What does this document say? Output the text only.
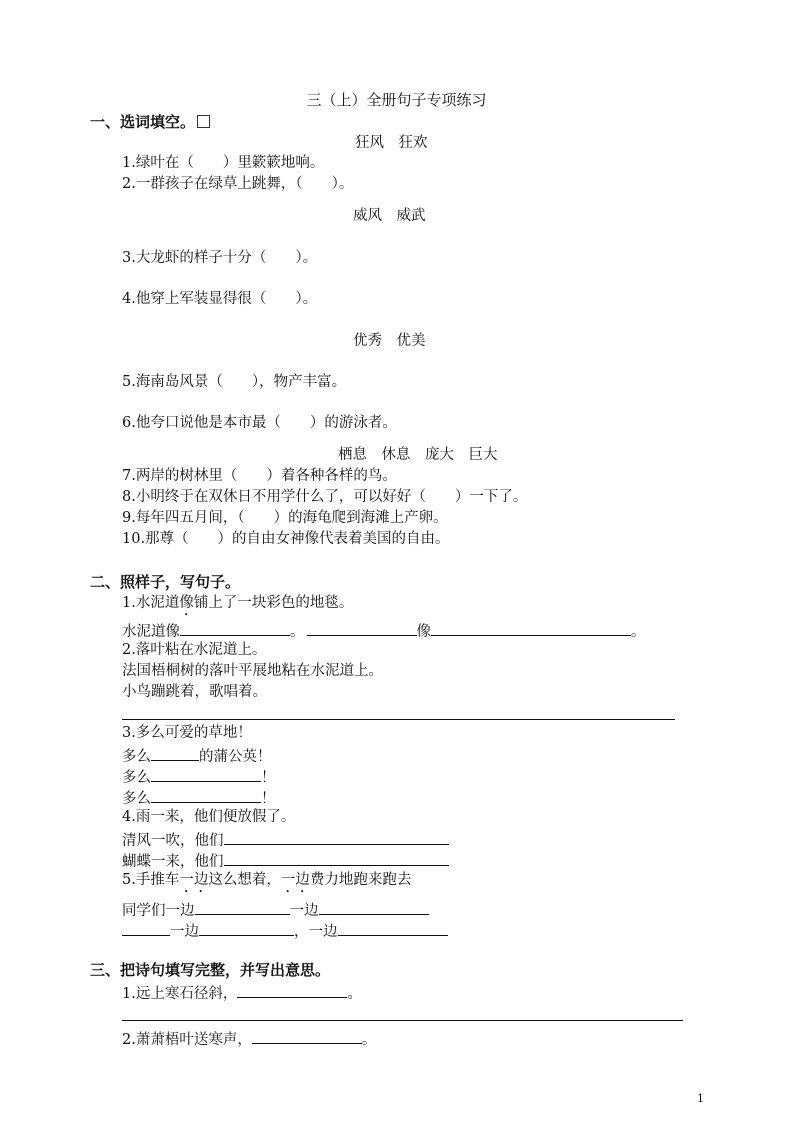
三（上）全册句子专项练习
一、选词填空。
狂风　狂欢
1.绿叶在（　　）里簌簌地响。
2.一群孩子在绿草上跳舞，（　　）。
威风　威武
3.大龙虾的样子十分（　　）。
4.他穿上军装显得很（　　）。
优秀　优美
5.海南岛风景（　　），物产丰富。
6.他夸口说他是本市最（　　）的游泳者。
栖息　休息　庞大　巨大
7.两岸的树林里（　　）着各种各样的鸟。
8.小明终于在双休日不用学什么了，可以好好（　　）一下了。
9.每年四五月间，（　　）的海龟爬到海滩上产卵。
10.那尊（　　）的自由女神像代表着美国的自由。
二、照样子，写句子。
1.水泥道像铺上了一块彩色的地毯。
水泥道像	。	像	。
2.落叶粘在水泥道上。
法国梧桐树的落叶平展地粘在水泥道上。
小鸟蹦跳着，歌唱着。
3.多么可爱的草地！
多么	的蒲公英！
多么	！
多么	！
4.雨一来，他们便放假了。
清风一吹，他们
蝴蝶一来，他们
5.手推车一边这么想着，一边费力地跑来跑去
同学们一边	一边
一边	，一边
三、把诗句填写完整，并写出意思。
1.远上寒石径斜，	。
2.萧萧梧叶送寒声，	。
1
